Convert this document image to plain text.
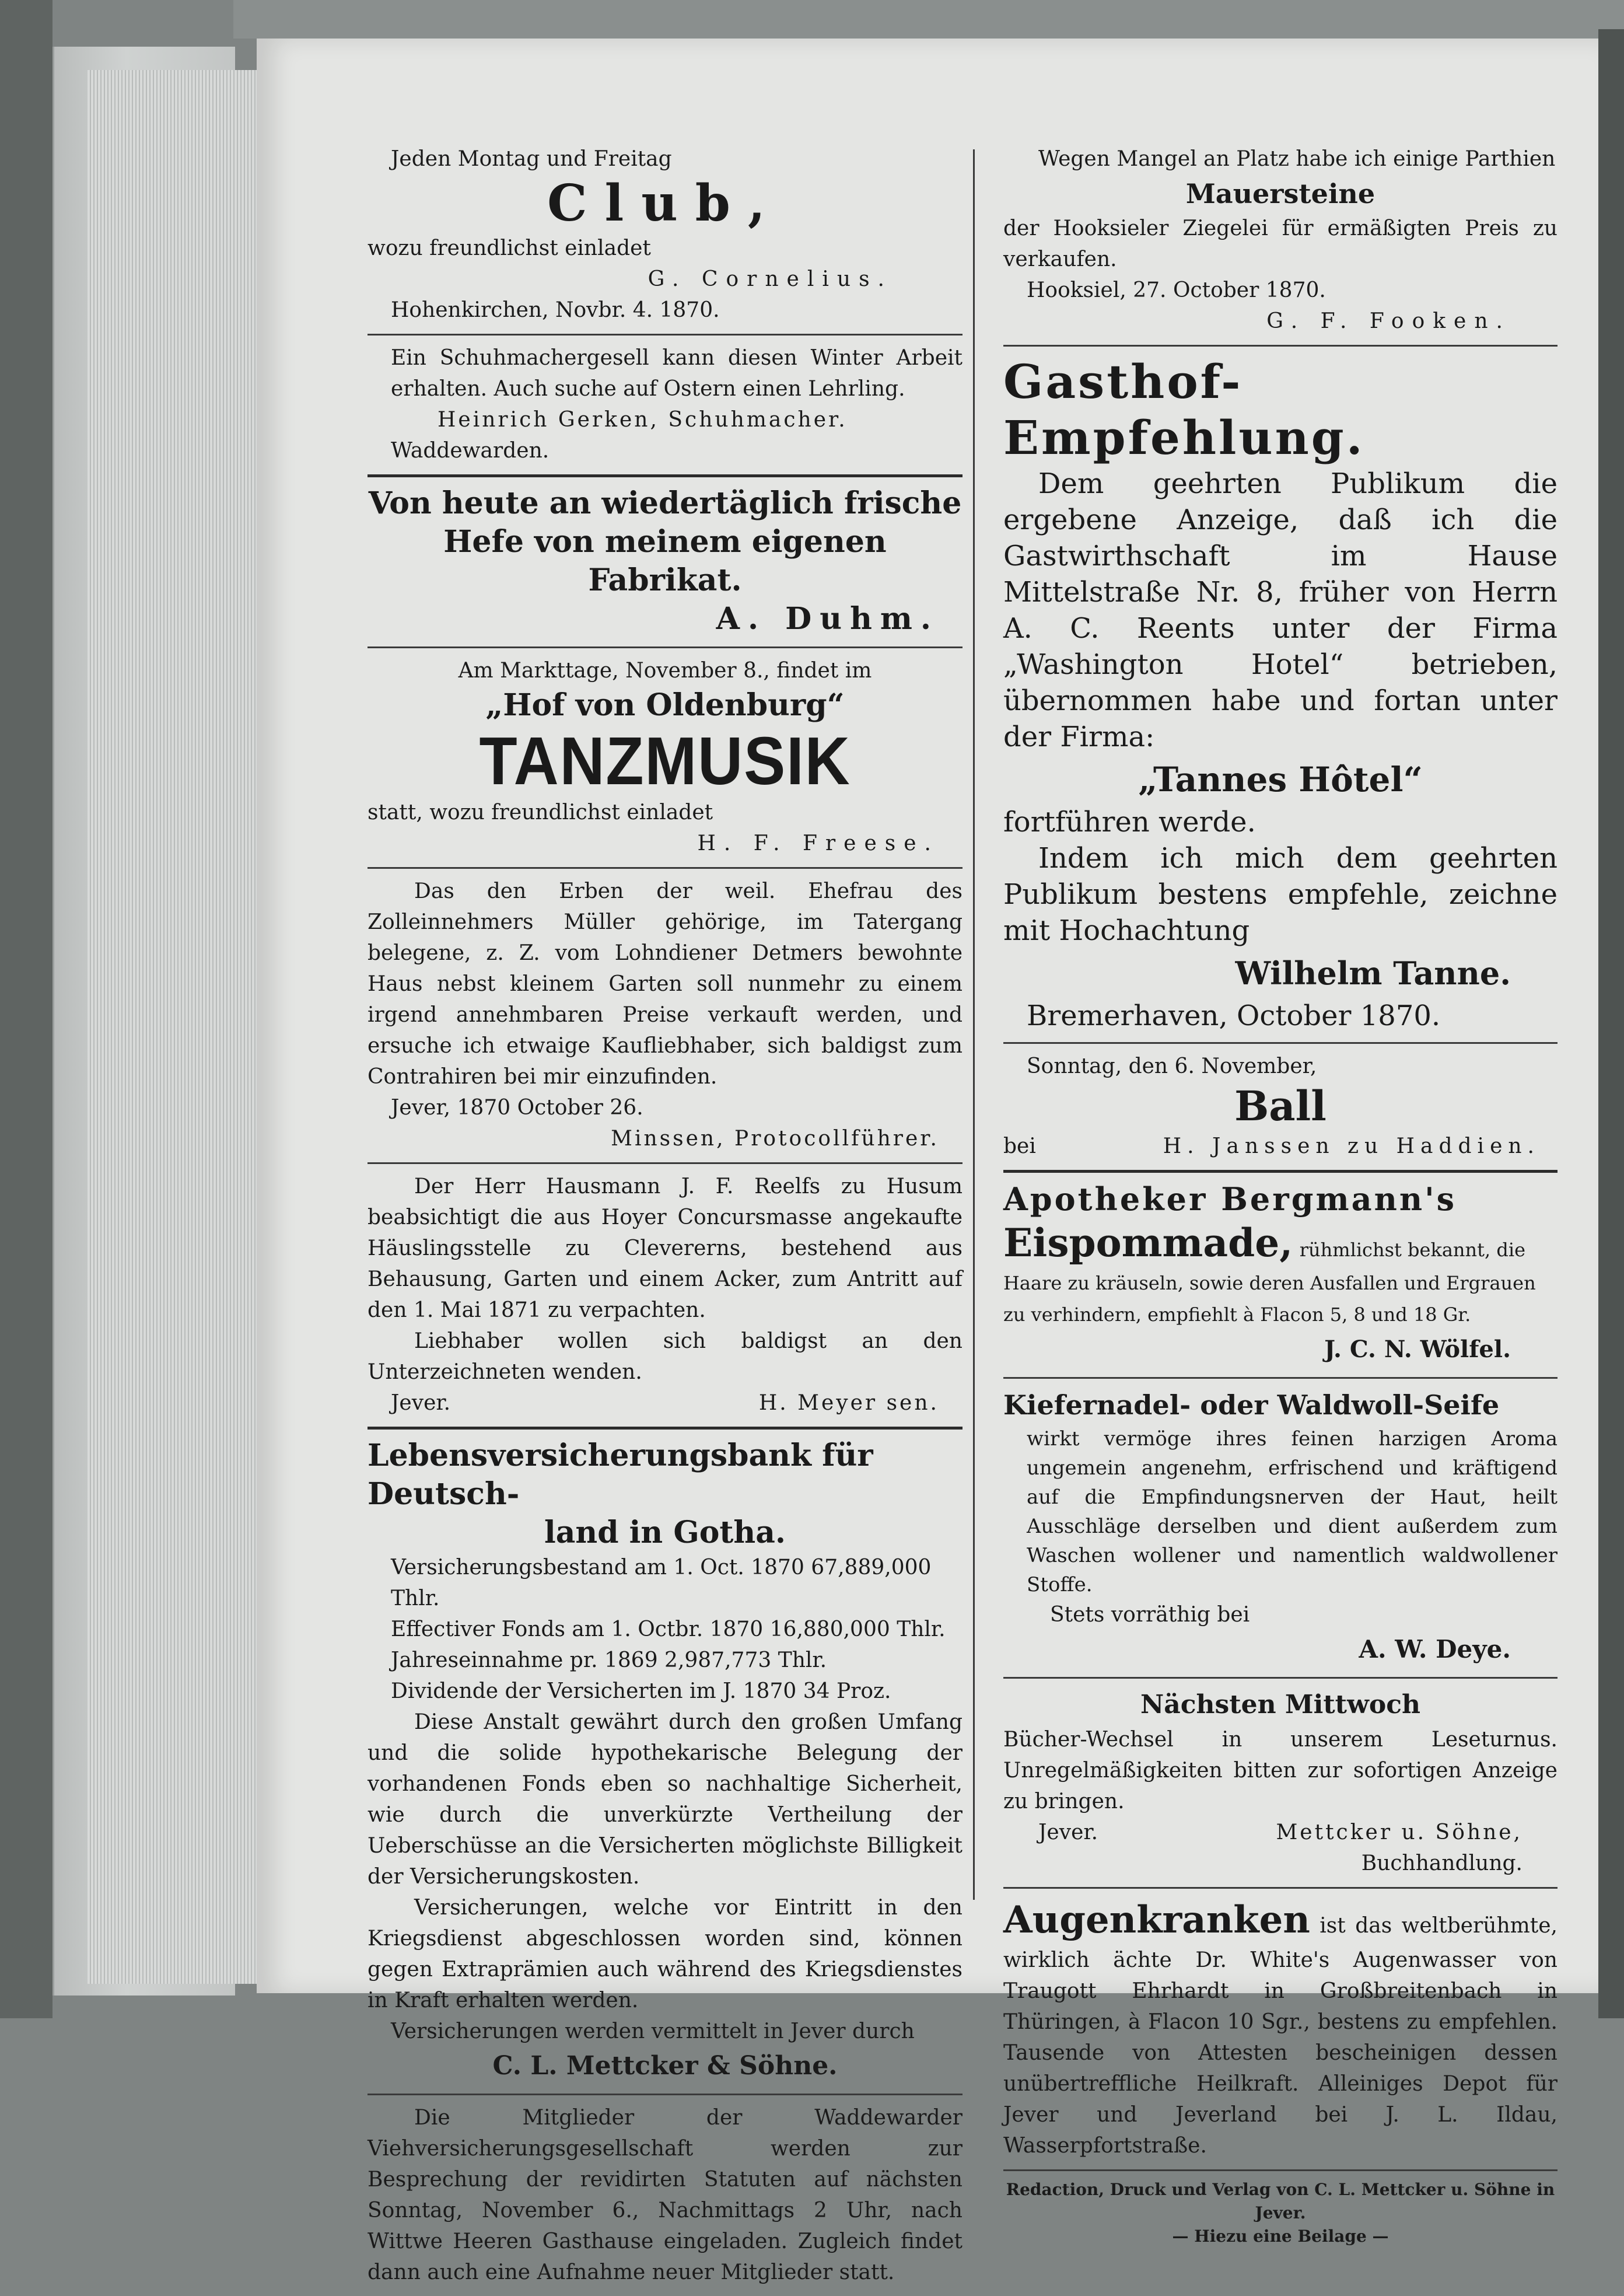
Jeden Montag und Freitag

Club,

wozu freundlichst einladet

G. Cornelius.

Hohenkirchen, Novbr. 4. 1870.

Ein Schuhmachergesell kann diesen Winter Arbeit erhalten. Auch suche auf Ostern einen Lehrling.

Heinrich Gerken, Schuhmacher.

Waddewarden.

Von heute an wiedertäglich frische

Hefe von meinem eigenen Fabrikat.

A. Duhm.

Am Markttage, November 8., findet im

„Hof von Oldenburg“

TANZMUSIK

statt, wozu freundlichst einladet

H. F. Freese.

Das den Erben der weil. Ehefrau des Zolleinnehmers Müller gehörige, im Tatergang belegene, z. Z. vom Lohndiener Detmers bewohnte Haus nebst kleinem Garten soll nunmehr zu einem irgend annehmbaren Preise verkauft werden, und ersuche ich etwaige Kaufliebhaber, sich baldigst zum Contrahiren bei mir einzufinden.

Jever, 1870 October 26.

Minssen, Protocollführer.

Der Herr Hausmann J. F. Reelfs zu Husum beabsichtigt die aus Hoyer Concursmasse angekaufte Häuslingsstelle zu Clevererns, bestehend aus Behausung, Garten und einem Acker, zum Antritt auf den 1. Mai 1871 zu verpachten.

Liebhaber wollen sich baldigst an den Unterzeichneten wenden.

Jever.	H. Meyer sen.

Lebensversicherungsbank für Deutsch-

land in Gotha.

Versicherungsbestand am 1. Oct. 1870 67,889,000 Thlr.

Effectiver Fonds am 1. Octbr. 1870 16,880,000 Thlr.

Jahreseinnahme pr. 1869 2,987,773 Thlr.

Dividende der Versicherten im J. 1870 34 Proz.

Diese Anstalt gewährt durch den großen Umfang und die solide hypothekarische Belegung der vorhandenen Fonds eben so nachhaltige Sicherheit, wie durch die unverkürzte Vertheilung der Ueberschüsse an die Versicherten möglichste Billigkeit der Versicherungskosten.

Versicherungen, welche vor Eintritt in den Kriegsdienst abgeschlossen worden sind, können gegen Extraprämien auch während des Kriegsdienstes in Kraft erhalten werden.

Versicherungen werden vermittelt in Jever durch

C. L. Mettcker & Söhne.

Die Mitglieder der Waddewarder Viehversicherungsgesellschaft werden zur Besprechung der revidirten Statuten auf nächsten Sonntag, November 6., Nachmittags 2 Uhr, nach Wittwe Heeren Gasthause eingeladen. Zugleich findet dann auch eine Aufnahme neuer Mitglieder statt.

Wegen Mangel an Platz habe ich einige Parthien

Mauersteine

der Hooksieler Ziegelei für ermäßigten Preis zu verkaufen.

Hooksiel, 27. October 1870.

G. F. Fooken.

Gasthof-Empfehlung.

Dem geehrten Publikum die ergebene Anzeige, daß ich die Gastwirthschaft im Hause Mittelstraße Nr. 8, früher von Herrn A. C. Reents unter der Firma „Washington Hotel“ betrieben, übernommen habe und fortan unter der Firma:

„Tannes Hôtel“

fortführen werde.

Indem ich mich dem geehrten Publikum bestens empfehle, zeichne mit Hochachtung

Wilhelm Tanne.

Bremerhaven, October 1870.

Sonntag, den 6. November,

Ball

bei	H. Janssen zu Haddien.

Apotheker Bergmann's

Eispommade, rühmlichst bekannt, die Haare zu kräuseln, sowie deren Ausfallen und Ergrauen zu verhindern, empfiehlt à Flacon 5, 8 und 18 Gr.

J. C. N. Wölfel.

Kiefernadel- oder Waldwoll-Seife

wirkt vermöge ihres feinen harzigen Aroma ungemein angenehm, erfrischend und kräftigend auf die Empfindungsnerven der Haut, heilt Ausschläge derselben und dient außerdem zum Waschen wollener und namentlich waldwollener Stoffe.

Stets vorräthig bei

A. W. Deye.

Nächsten Mittwoch

Bücher-Wechsel in unserem Leseturnus. Unregelmäßigkeiten bitten zur sofortigen Anzeige zu bringen.

Jever.	Mettcker u. Söhne,

Buchhandlung.

Augenkranken ist das weltberühmte, wirklich ächte Dr. White's Augenwasser von Traugott Ehrhardt in Großbreitenbach in Thüringen, à Flacon 10 Sgr., bestens zu empfehlen. Tausende von Attesten bescheinigen dessen unübertreffliche Heilkraft. Alleiniges Depot für Jever und Jeverland bei J. L. Ildau, Wasserpfortstraße.

Redaction, Druck und Verlag von C. L. Mettcker u. Söhne in Jever.

— Hiezu eine Beilage —
